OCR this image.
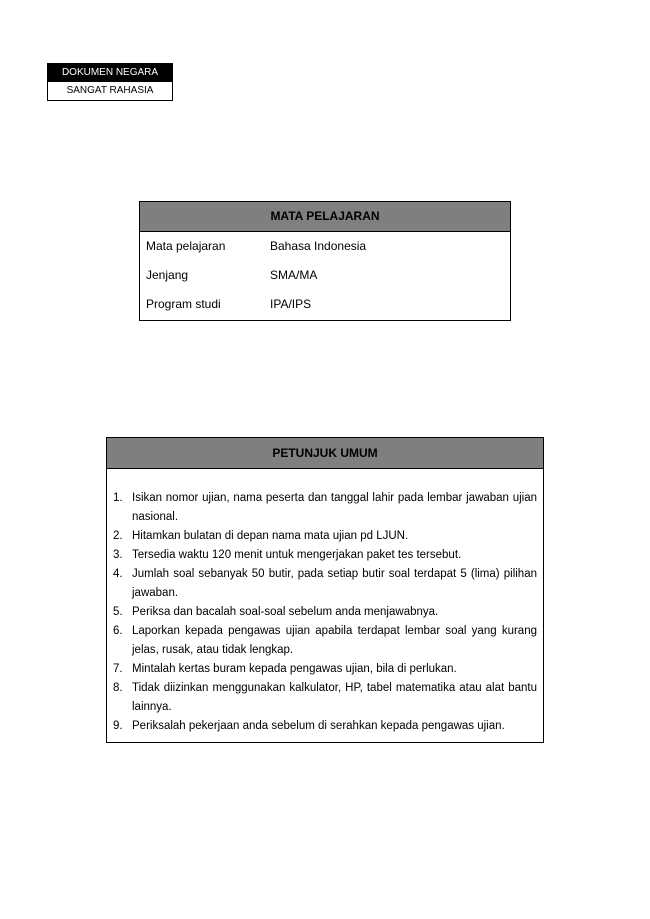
DOKUMEN NEGARA
SANGAT RAHASIA
MATA PELAJARAN
Mata pelajaran	Bahasa Indonesia
Jenjang	SMA/MA
Program studi	IPA/IPS
PETUNJUK UMUM
1. Isikan nomor ujian, nama peserta dan tanggal lahir pada lembar jawaban ujian nasional.
2. Hitamkan bulatan di depan nama mata ujian pd LJUN.
3. Tersedia waktu 120 menit untuk mengerjakan paket tes tersebut.
4. Jumlah soal sebanyak 50 butir, pada setiap butir soal terdapat 5 (lima) pilihan jawaban.
5. Periksa dan bacalah soal-soal sebelum anda menjawabnya.
6. Laporkan kepada pengawas ujian apabila terdapat lembar soal yang kurang jelas, rusak, atau tidak lengkap.
7. Mintalah kertas buram kepada pengawas ujian, bila di perlukan.
8. Tidak diizinkan menggunakan kalkulator, HP, tabel matematika atau alat bantu lainnya.
9. Periksalah pekerjaan anda sebelum di serahkan kepada pengawas ujian.
